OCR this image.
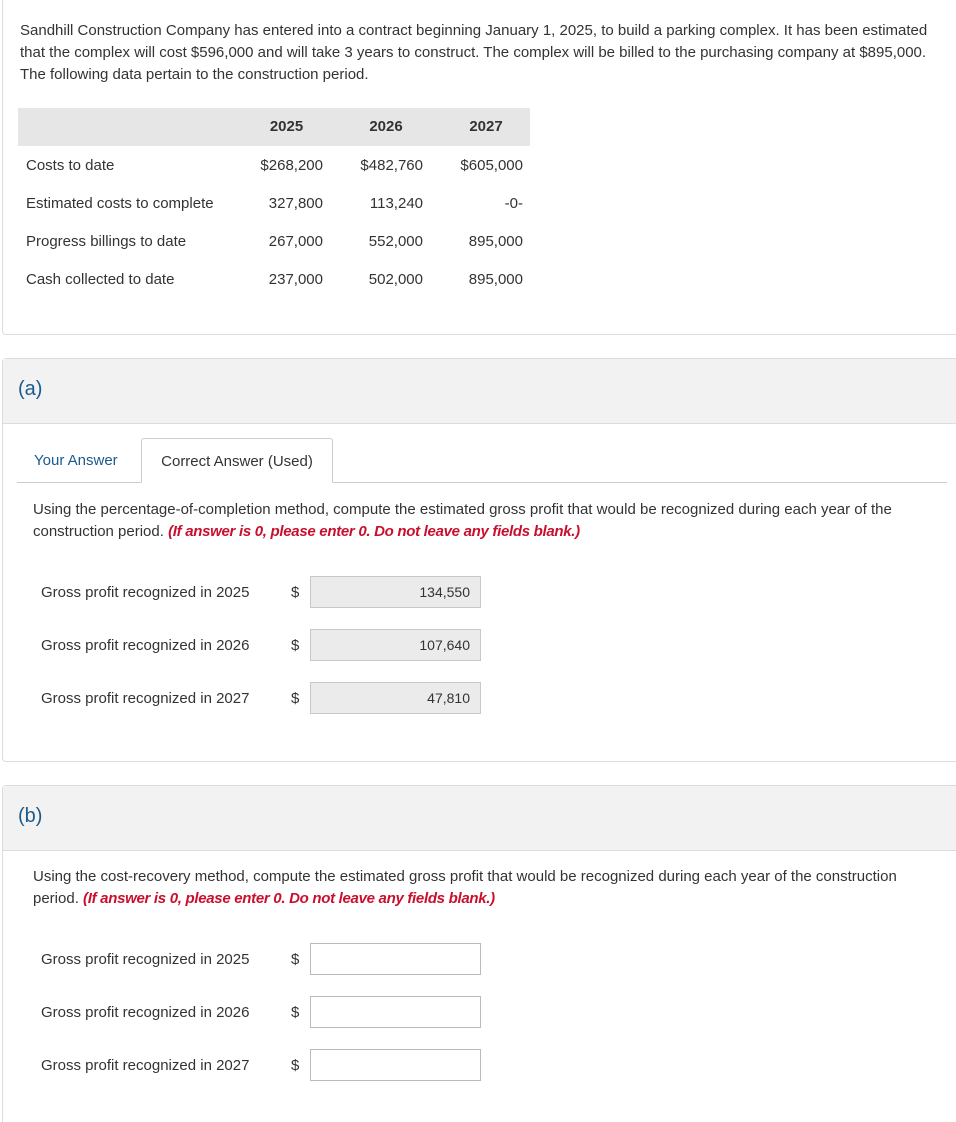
Sandhill Construction Company has entered into a contract beginning January 1, 2025, to build a parking complex. It has been estimated that the complex will cost $596,000 and will take 3 years to construct. The complex will be billed to the purchasing company at $895,000. The following data pertain to the construction period.

2025	2026	2027
Costs to date	$268,200	$482,760	$605,000
Estimated costs to complete	327,800	113,240	-0-
Progress billings to date	267,000	552,000	895,000
Cash collected to date	237,000	502,000	895,000
(a)
Your Answer	Correct Answer (Used)

Using the percentage-of-completion method, compute the estimated gross profit that would be recognized during each year of the construction period. (If answer is 0, please enter 0. Do not leave any fields blank.)

Gross profit recognized in 2025	$
134,550
Gross profit recognized in 2026	$
107,640
Gross profit recognized in 2027	$
47,810
(b)

Using the cost-recovery method, compute the estimated gross profit that would be recognized during each year of the construction period. (If answer is 0, please enter 0. Do not leave any fields blank.)

Gross profit recognized in 2025	$
Gross profit recognized in 2026	$
Gross profit recognized in 2027	$
